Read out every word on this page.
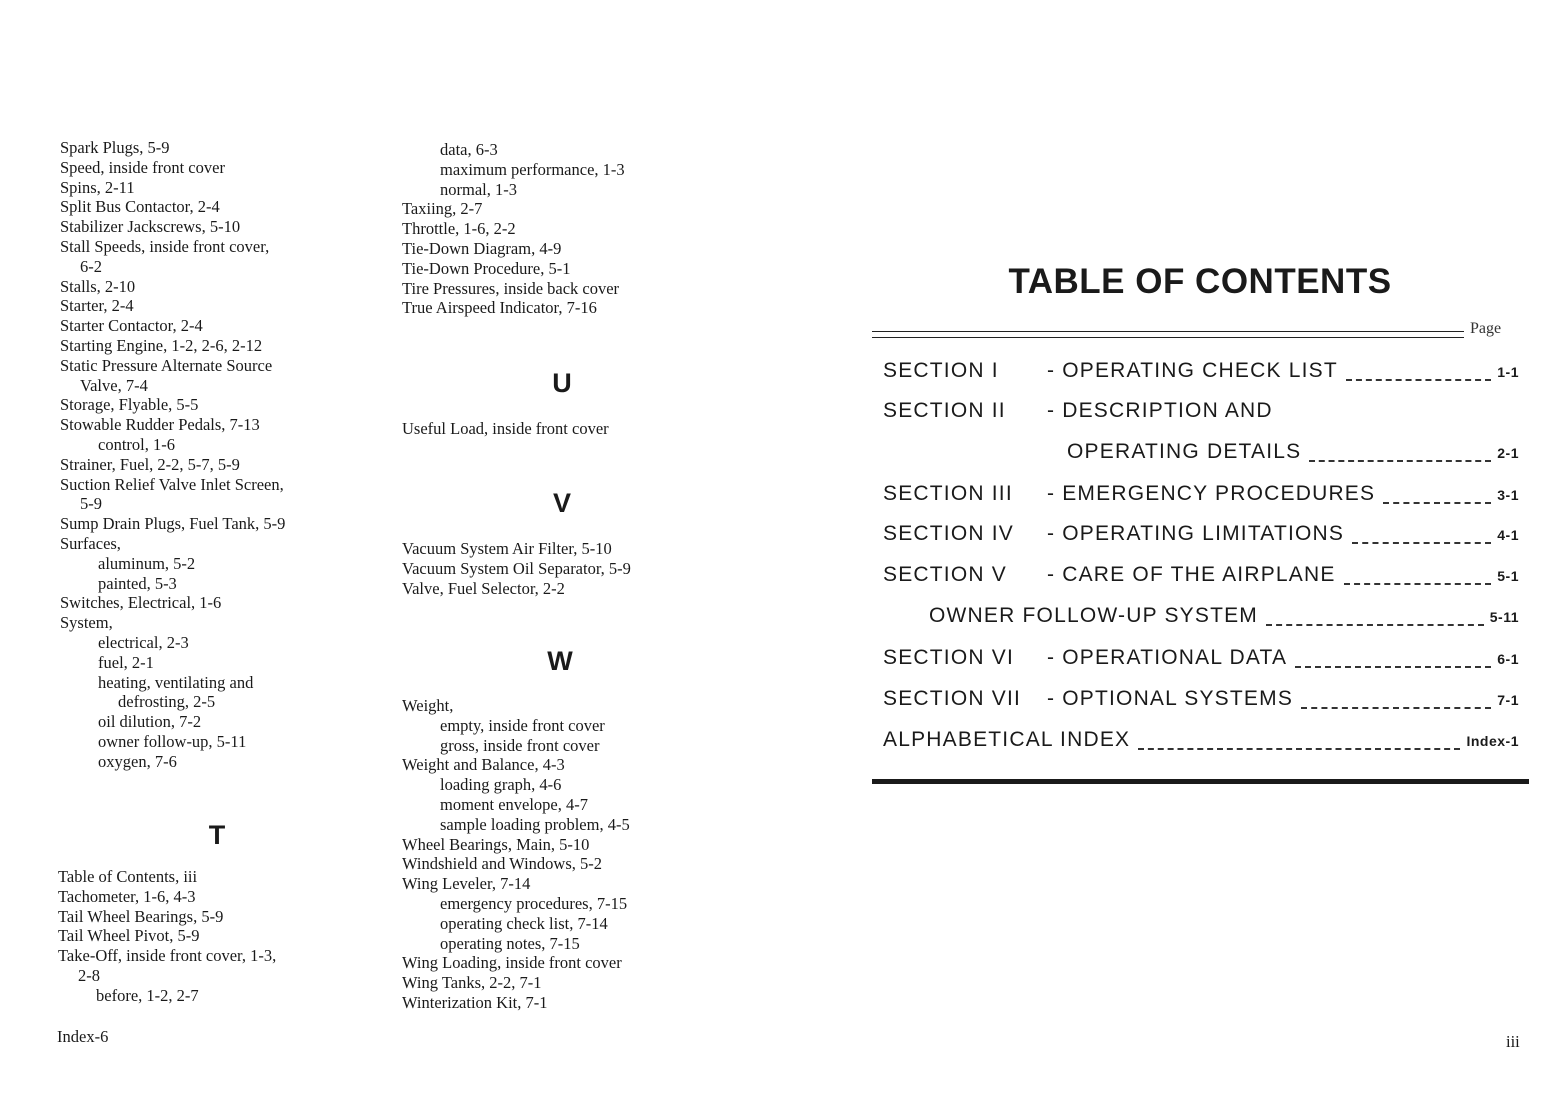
Spark Plugs, 5-9
Speed, inside front cover
Spins, 2-11
Split Bus Contactor, 2-4
Stabilizer Jackscrews, 5-10
Stall Speeds, inside front cover,
6-2
Stalls, 2-10
Starter, 2-4
Starter Contactor, 2-4
Starting Engine, 1-2, 2-6, 2-12
Static Pressure Alternate Source
Valve, 7-4
Storage, Flyable, 5-5
Stowable Rudder Pedals, 7-13
control, 1-6
Strainer, Fuel, 2-2, 5-7, 5-9
Suction Relief Valve Inlet Screen,
5-9
Sump Drain Plugs, Fuel Tank, 5-9
Surfaces,
aluminum, 5-2
painted, 5-3
Switches, Electrical, 1-6
System,
electrical, 2-3
fuel, 2-1
heating, ventilating and
defrosting, 2-5
oil dilution, 7-2
owner follow-up, 5-11
oxygen, 7-6
T
Table of Contents, iii
Tachometer, 1-6, 4-3
Tail Wheel Bearings, 5-9
Tail Wheel Pivot, 5-9
Take-Off, inside front cover, 1-3,
2-8
before, 1-2, 2-7
Index-6
data, 6-3
maximum performance, 1-3
normal, 1-3
Taxiing, 2-7
Throttle, 1-6, 2-2
Tie-Down Diagram, 4-9
Tie-Down Procedure, 5-1
Tire Pressures, inside back cover
True Airspeed Indicator, 7-16
U
Useful Load, inside front cover
V
Vacuum System Air Filter, 5-10
Vacuum System Oil Separator, 5-9
Valve, Fuel Selector, 2-2
W
Weight,
empty, inside front cover
gross, inside front cover
Weight and Balance, 4-3
loading graph, 4-6
moment envelope, 4-7
sample loading problem, 4-5
Wheel Bearings, Main, 5-10
Windshield and Windows, 5-2
Wing Leveler, 7-14
emergency procedures, 7-15
operating check list, 7-14
operating notes, 7-15
Wing Loading, inside front cover
Wing Tanks, 2-2, 7-1
Winterization Kit, 7-1
TABLE OF CONTENTS
Page
SECTION I	- OPERATING CHECK LIST	1-1
SECTION II	- DESCRIPTION AND
OPERATING DETAILS	2-1
SECTION III	- EMERGENCY PROCEDURES	3-1
SECTION IV	- OPERATING LIMITATIONS	4-1
SECTION V	- CARE OF THE AIRPLANE	5-1
OWNER FOLLOW-UP SYSTEM	5-11
SECTION VI	- OPERATIONAL DATA	6-1
SECTION VII	- OPTIONAL SYSTEMS	7-1
ALPHABETICAL INDEX	Index-1
iii
